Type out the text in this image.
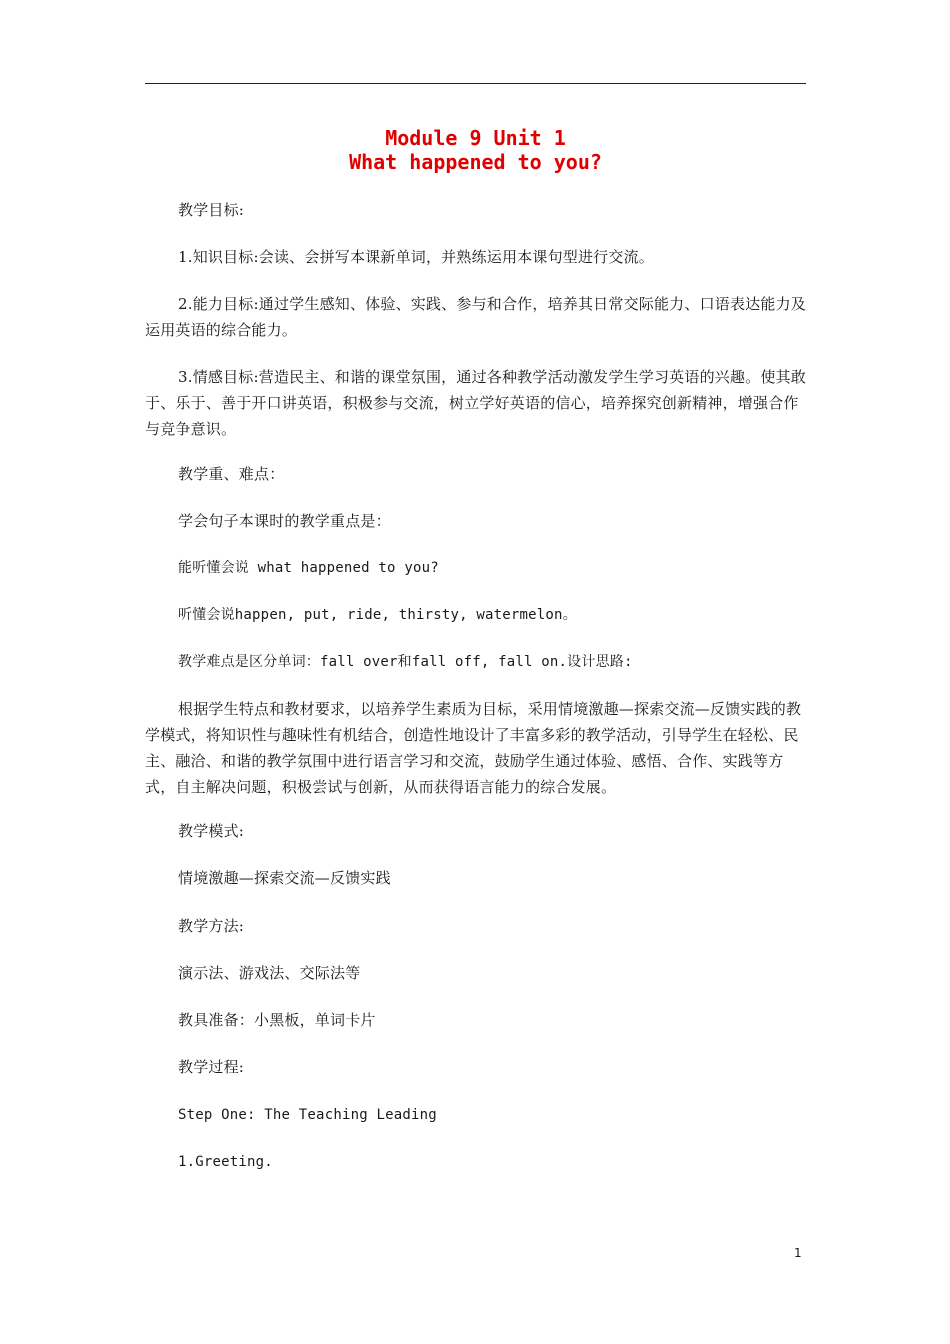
Module 9 Unit 1
What happened to you?

教学目标:

1.知识目标:会读、会拼写本课新单词，并熟练运用本课句型进行交流。

2.能力目标:通过学生感知、体验、实践、参与和合作，培养其日常交际能力、口语表达能力及运用英语的综合能力。

3.情感目标:营造民主、和谐的课堂氛围，通过各种教学活动激发学生学习英语的兴趣。使其敢于、乐于、善于开口讲英语，积极参与交流，树立学好英语的信心，培养探究创新精神，增强合作与竞争意识。

教学重、难点：

学会句子本课时的教学重点是：

能听懂会说 what happened to you?

听懂会说happen, put, ride, thirsty, watermelon。

教学难点是区分单词：fall over和fall off, fall on.设计思路:

根据学生特点和教材要求，以培养学生素质为目标，采用情境激趣—探索交流—反馈实践的教学模式，将知识性与趣味性有机结合，创造性地设计了丰富多彩的教学活动，引导学生在轻松、民主、融洽、和谐的教学氛围中进行语言学习和交流，鼓励学生通过体验、感悟、合作、实践等方式，自主解决问题，积极尝试与创新，从而获得语言能力的综合发展。

教学模式:

情境激趣—探索交流—反馈实践

教学方法:

演示法、游戏法、交际法等

教具准备：小黑板，单词卡片

教学过程:

Step One: The Teaching Leading

1.Greeting.

1
